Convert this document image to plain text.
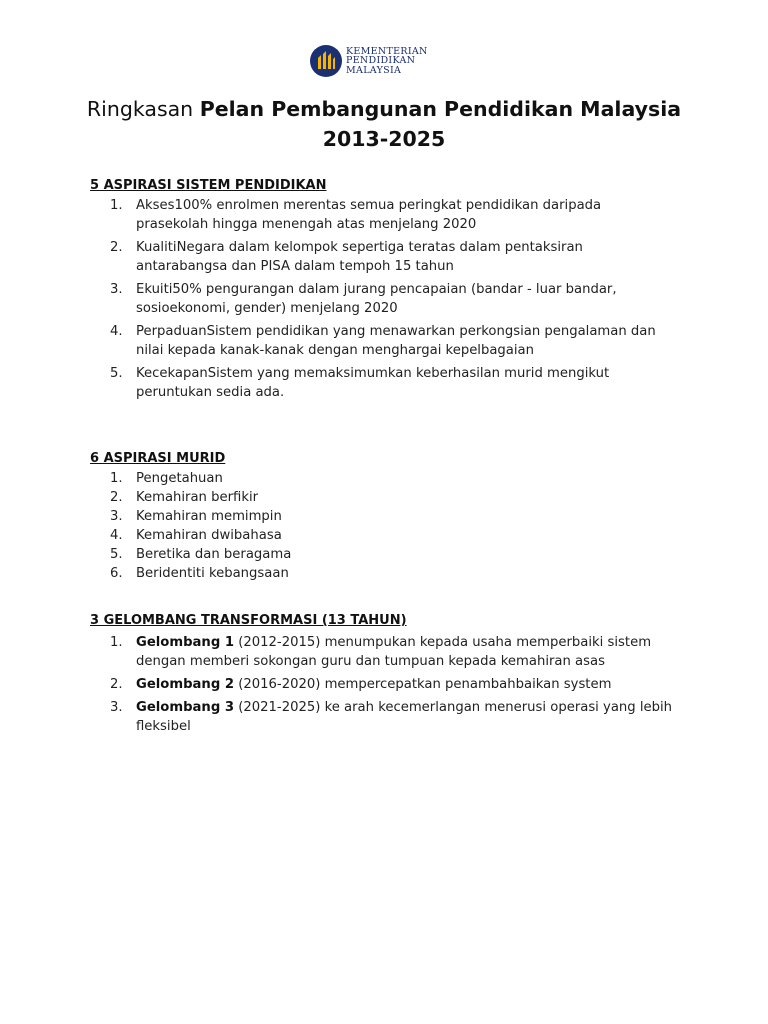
KEMENTERIAN
PENDIDIKAN
MALAYSIA
Ringkasan Pelan Pembangunan Pendidikan Malaysia
2013-2025
5 ASPIRASI SISTEM PENDIDIKAN
1. Akses100% enrolmen merentas semua peringkat pendidikan daripada prasekolah hingga menengah atas menjelang 2020
2. KualitiNegara dalam kelompok sepertiga teratas dalam pentaksiran antarabangsa dan PISA dalam tempoh 15 tahun
3. Ekuiti50% pengurangan dalam jurang pencapaian (bandar - luar bandar, sosioekonomi, gender) menjelang 2020
4. PerpaduanSistem pendidikan yang menawarkan perkongsian pengalaman dan nilai kepada kanak-kanak dengan menghargai kepelbagaian
5. KecekapanSistem yang memaksimumkan keberhasilan murid mengikut peruntukan sedia ada.
6 ASPIRASI MURID
1. Pengetahuan
2. Kemahiran berfikir
3. Kemahiran memimpin
4. Kemahiran dwibahasa
5. Beretika dan beragama
6. Beridentiti kebangsaan
3 GELOMBANG TRANSFORMASI (13 TAHUN)
1. Gelombang 1 (2012-2015) menumpukan kepada usaha memperbaiki sistem dengan memberi sokongan guru dan tumpuan kepada kemahiran asas
2. Gelombang 2 (2016-2020) mempercepatkan penambahbaikan system
3. Gelombang 3 (2021-2025) ke arah kecemerlangan menerusi operasi yang lebih fleksibel
